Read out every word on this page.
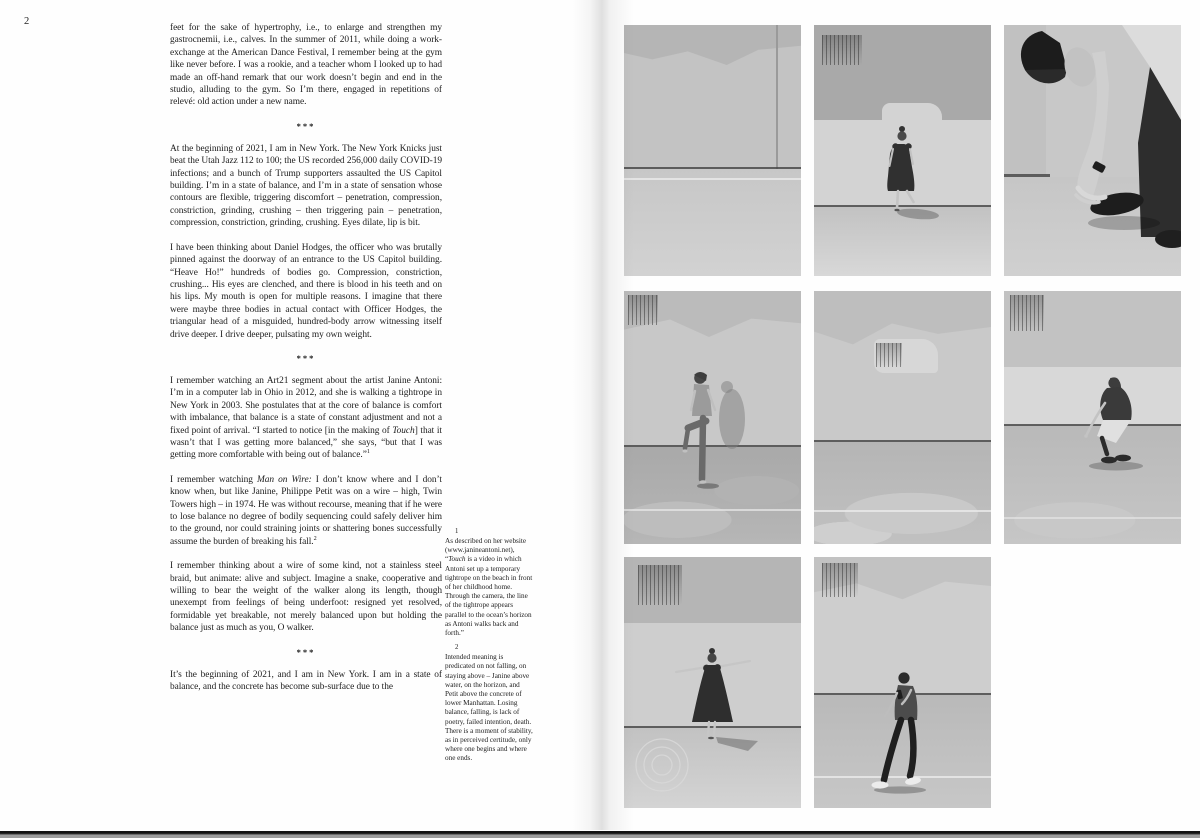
2

feet for the sake of hypertrophy, i.e., to enlarge and strengthen my gastrocnemii, i.e., calves. In the summer of 2011, while doing a work-exchange at the American Dance Festival, I remember being at the gym like never before. I was a rookie, and a teacher whom I looked up to had made an off-hand remark that our work doesn’t begin and end in the studio, alluding to the gym. So I’m there, engaged in repetitions of relevé: old action under a new name.

***

At the beginning of 2021, I am in New York. The New York Knicks just beat the Utah Jazz 112 to 100; the US recorded 256,000 daily COVID-19 infections; and a bunch of Trump supporters assaulted the US Capitol building. I’m in a state of balance, and I’m in a state of sensation whose contours are flexible, triggering discomfort – penetration, compression, constriction, grinding, crushing – then triggering pain – penetration, compression, constriction, grinding, crushing. Eyes dilate, lip is bit.

I have been thinking about Daniel Hodges, the officer who was brutally pinned against the doorway of an entrance to the US Capitol building. “Heave Ho!” hundreds of bodies go. Compression, constriction, crushing... His eyes are clenched, and there is blood in his teeth and on his lips. My mouth is open for multiple reasons. I imagine that there were maybe three bodies in actual contact with Officer Hodges, the triangular head of a misguided, hundred-body arrow witnessing itself drive deeper. I drive deeper, pulsating my own weight.

***

I remember watching an Art21 segment about the artist Janine Antoni: I’m in a computer lab in Ohio in 2012, and she is walking a tightrope in New York in 2003. She postulates that at the core of balance is comfort with imbalance, that balance is a state of constant adjustment and not a fixed point of arrival. “I started to notice [in the making of Touch] that it wasn’t that I was getting more balanced,” she says, “but that I was getting more comfortable with being out of balance.”$^1$

I remember watching Man on Wire: I don’t know where and I don’t know when, but like Janine, Philippe Petit was on a wire – high, Twin Towers high – in 1974. He was without recourse, meaning that if he were to lose balance no degree of bodily sequencing could safely deliver him to the ground, nor could straining joints or shattering bones successfully assume the burden of breaking his fall.$^2$

I remember thinking about a wire of some kind, not a stainless steel braid, but animate: alive and subject. Imagine a snake, cooperative and willing to bear the weight of the walker along its length, though unexempt from feelings of being underfoot: resigned yet resolved, formidable yet breakable, not merely balanced upon but holding the balance just as much as you, O walker.

***

It’s the beginning of 2021, and I am in New York. I am in a state of balance, and the concrete has become sub-surface due to the

1
As described on her website (www.janineantoni.net), “Touch is a video in which Antoni set up a temporary tightrope on the beach in front of her childhood home. Through the camera, the line of the tightrope appears parallel to the ocean’s horizon as Antoni walks back and forth.”
2
Intended meaning is predicated on not falling, on staying above – Janine above water, on the horizon, and Petit above the concrete of lower Manhattan. Losing balance, falling, is lack of poetry, failed intention, death. There is a moment of stability, as in perceived certitude, only where one begins and where one ends.
